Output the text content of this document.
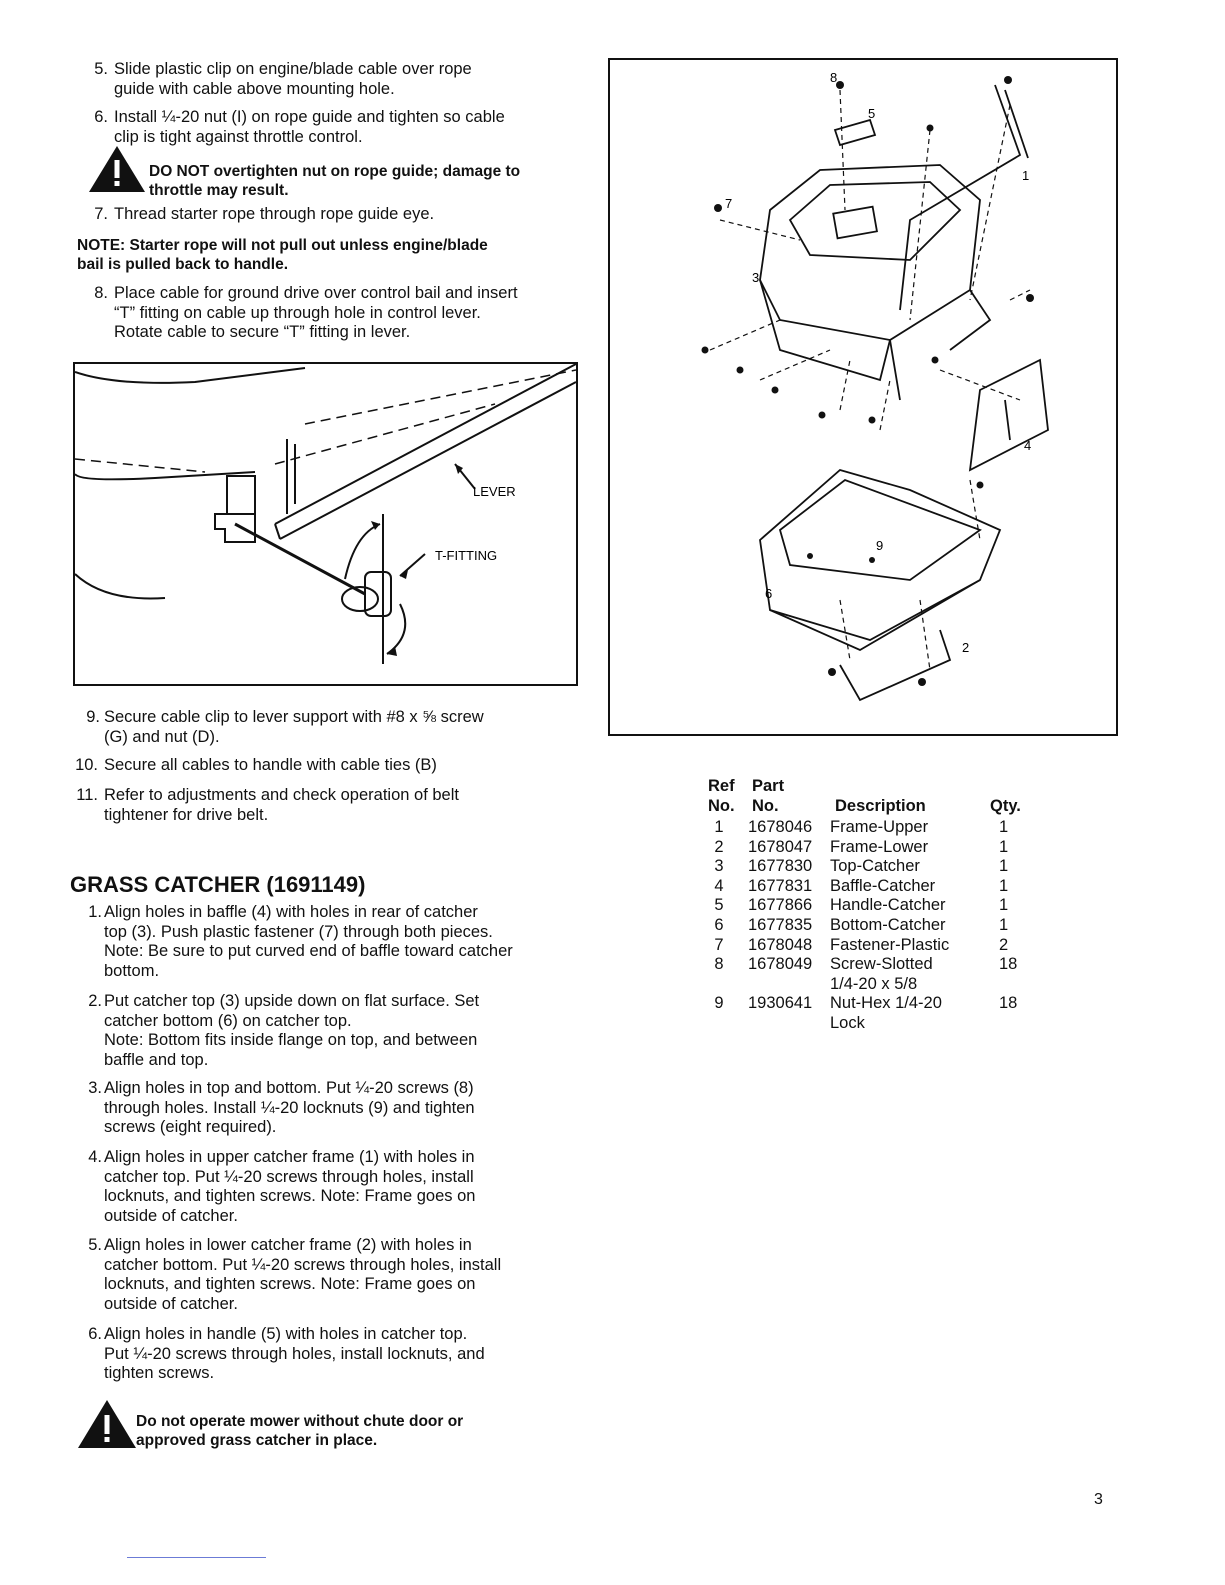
5. Slide plastic clip on engine/blade cable over rope
guide with cable above mounting hole.
6. Install ¼-20 nut (I) on rope guide and tighten so cable
clip is tight against throttle control.
DO NOT overtighten nut on rope guide; damage to
throttle may result.
7. Thread starter rope through rope guide eye.
NOTE: Starter rope will not pull out unless engine/blade
bail is pulled back to handle.
8. Place cable for ground drive over control bail and insert
“T” fitting on cable up through hole in control lever.
Rotate cable to secure “T” fitting in lever.
LEVER
T-FITTING
9. Secure cable clip to lever support with #8 x ⅝ screw
(G) and nut (D).
10. Secure all cables to handle with cable ties (B)
11. Refer to adjustments and check operation of belt
tightener for drive belt.
GRASS CATCHER (1691149)
1. Align holes in baffle (4) with holes in rear of catcher
top (3). Push plastic fastener (7) through both pieces.
Note: Be sure to put curved end of baffle toward catcher
bottom.
2. Put catcher top (3) upside down on flat surface. Set
catcher bottom (6) on catcher top.
Note: Bottom fits inside flange on top, and between
baffle and top.
3. Align holes in top and bottom. Put ¼-20 screws (8)
through holes. Install ¼-20 locknuts (9) and tighten
screws (eight required).
4. Align holes in upper catcher frame (1) with holes in
catcher top. Put ¼-20 screws through holes, install
locknuts, and tighten screws. Note: Frame goes on
outside of catcher.
5. Align holes in lower catcher frame (2) with holes in
catcher bottom. Put ¼-20 screws through holes, install
locknuts, and tighten screws. Note: Frame goes on
outside of catcher.
6. Align holes in handle (5) with holes in catcher top.
Put ¼-20 screws through holes, install locknuts, and
tighten screws.
Do not operate mower without chute door or
approved grass catcher in place.
1
2
3
4
5
6
7
8
9
Ref Part
No. No.	Description	Qty.
1	1678046 Frame-Upper	1
2	1678047 Frame-Lower	1
3	1677830 Top-Catcher	1
4	1677831 Baffle-Catcher	1
5	1677866 Handle-Catcher	1
6	1677835 Bottom-Catcher	1
7	1678048 Fastener-Plastic	2
8	1678049 Screw-Slotted	18
1/4-20 x 5/8
9	1930641 Nut-Hex 1/4-20	18
Lock
3
